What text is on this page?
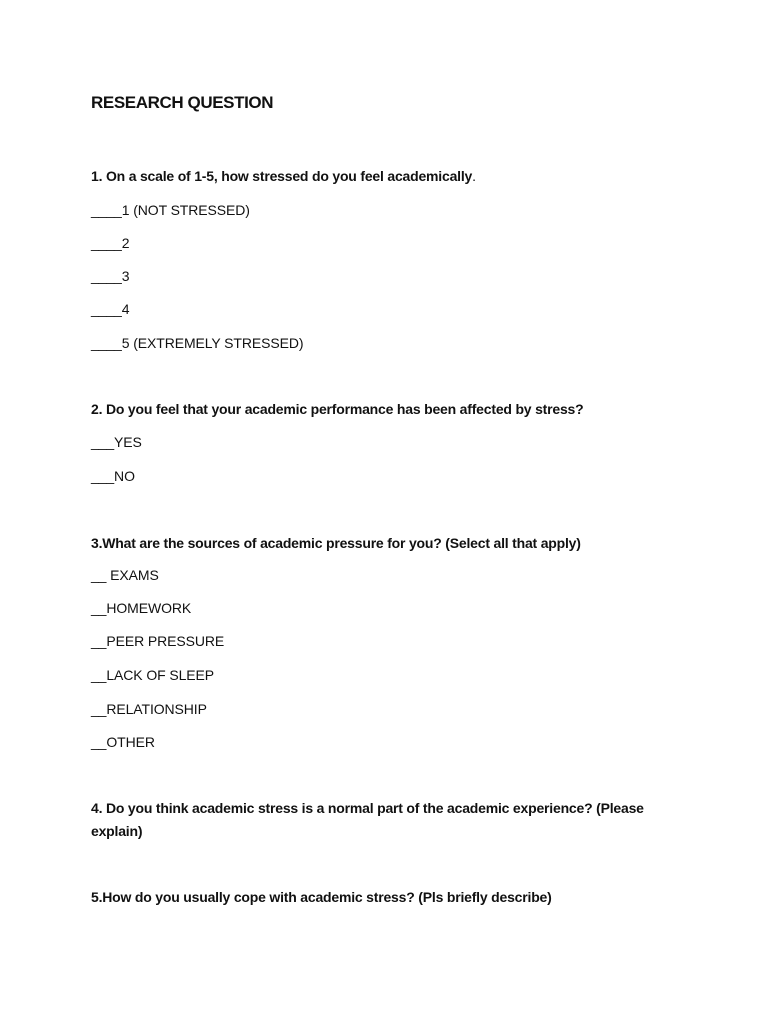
RESEARCH QUESTION

1. On a scale of 1-5, how stressed do you feel academically.

____1 (NOT STRESSED)

____2

____3

____4

____5 (EXTREMELY STRESSED)

2. Do you feel that your academic performance has been affected by stress?

___YES

___NO

3.What are the sources of academic pressure for you? (Select all that apply)

__ EXAMS

__HOMEWORK

__PEER PRESSURE

__LACK OF SLEEP

__RELATIONSHIP

__OTHER

4. Do you think academic stress is a normal part of the academic experience? (Please explain)

5.How do you usually cope with academic stress? (Pls briefly describe)
